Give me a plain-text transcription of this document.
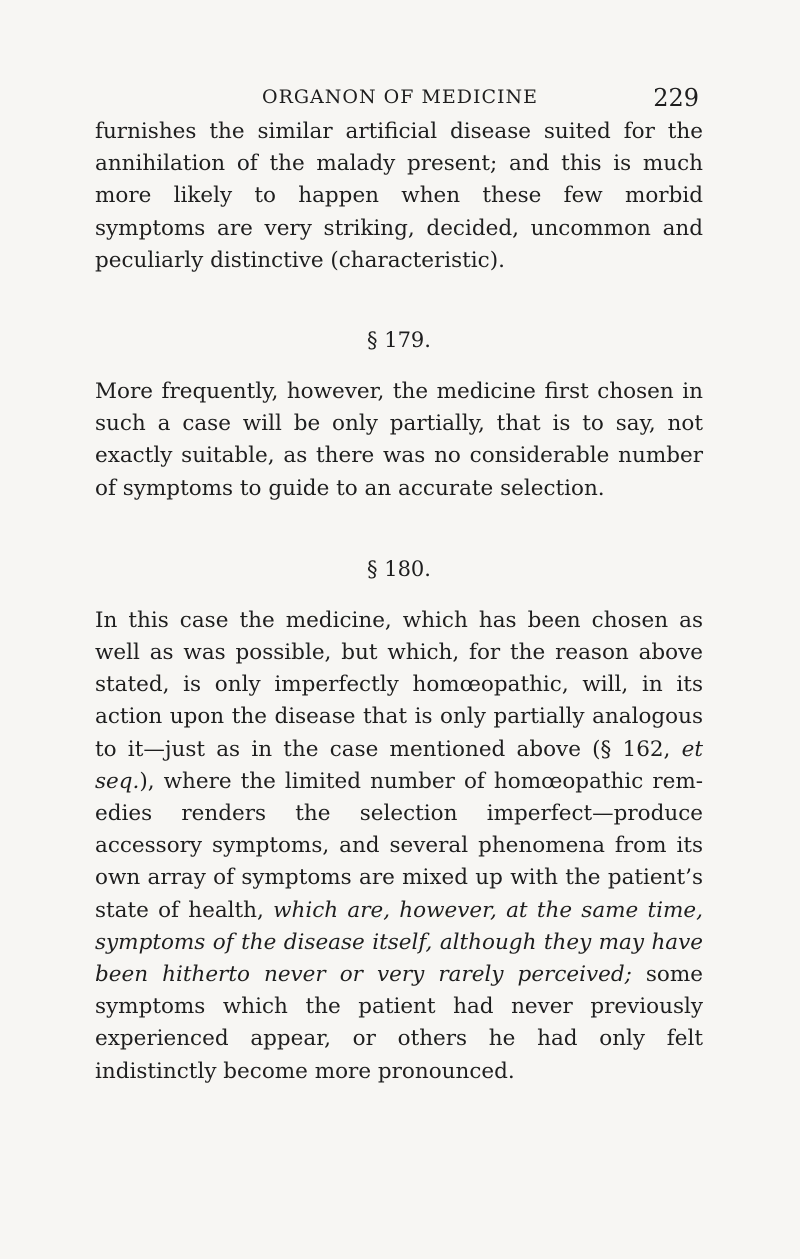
ORGANON OF MEDICINE	229

furnishes the similar artificial disease suited for the annihilation of the malady present; and this is much more likely to happen when these few morbid symptoms are very striking, decided, uncommon and peculiarly distinctive (characteristic).

§ 179.

More frequently, however, the medicine first chosen in such a case will be only partially, that is to say, not exactly suitable, as there was no considerable number of symptoms to guide to an accurate selection.

§ 180.

In this case the medicine, which has been chosen as well as was possible, but which, for the reason above stated, is only imperfectly homœopathic, will, in its action upon the disease that is only partially analogous to it—just as in the case mentioned above (§ 162, et seq.), where the limited number of homœopathic remedies renders the selection imperfect—produce accessory symptoms, and several phenomena from its own array of symptoms are mixed up with the patient’s state of health, which are, however, at the same time, symptoms of the disease itself, although they may have been hitherto never or very rarely perceived; some symptoms which the patient had never previously experienced appear, or others he had only felt indistinctly become more pronounced.
